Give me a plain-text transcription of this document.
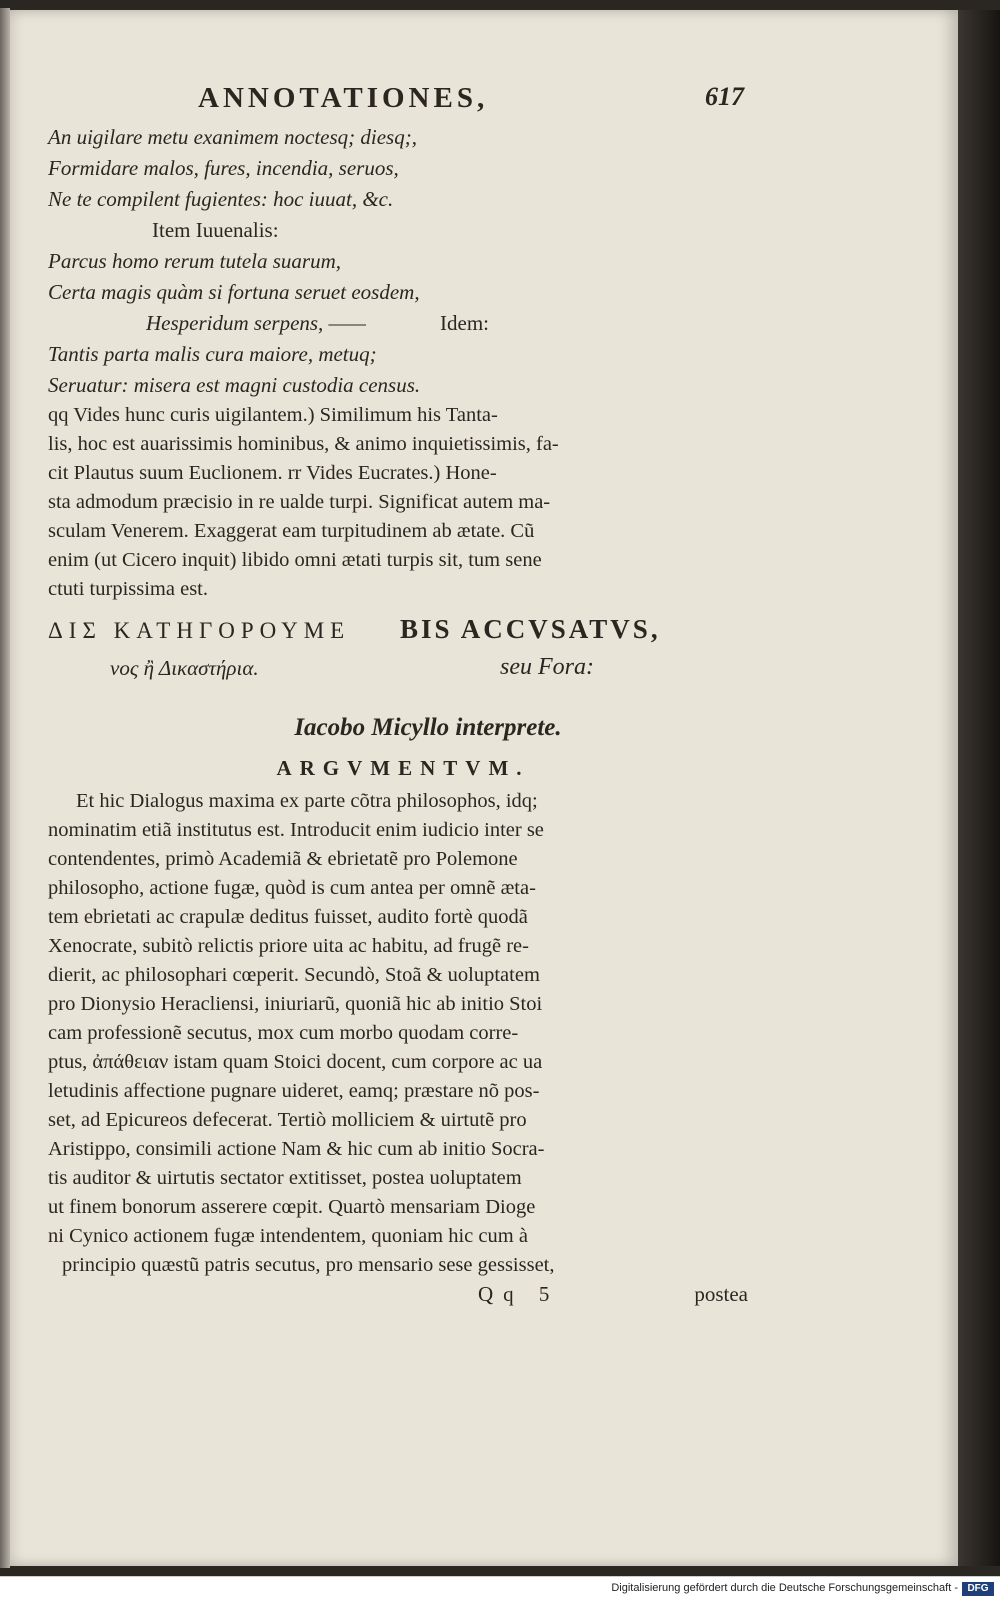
ANNOTATIONES,	617
An uigilare metu exanimem noctesq; diesq;,
Formidare malos, fures, incendia, seruos,
Ne te compilent fugientes: hoc iuuat, &c.
Item Iuuenalis:
Parcus homo rerum tutela suarum,
Certa magis quàm si fortuna seruet eosdem,
Hesperidum serpens, ——	Idem:
Tantis parta malis cura maiore, metuq;
Seruatur: misera est magni custodia census.
qq Vides hunc curis uigilantem.) Similimum his Tanta-
lis, hoc est auarissimis hominibus, & animo inquietissimis, fa-
cit Plautus suum Euclionem. rr Vides Eucrates.) Hone-
sta admodum præcisio in re ualde turpi. Significat autem ma-
sculam Venerem. Exaggerat eam turpitudinem ab ætate. Cũ
enim (ut Cicero inquit) libido omni ætati turpis sit, tum sene
ctuti turpissima est.
ΔΙΣ ΚΑΤΗΓΟΡΟΥΜΕ BIS ACCVSATVS,
νος ἢ Δικαστήρια.	seu Fora:
Iacobo Micyllo interprete.
ARGVMENTVM.
Et hic Dialogus maxima ex parte cõtra philosophos, idq;
nominatim etiã institutus est. Introducit enim iudicio inter se
contendentes, primò Academiã & ebrietatẽ pro Polemone
philosopho, actione fugæ, quòd is cum antea per omnẽ æta-
tem ebrietati ac crapulæ deditus fuisset, audito fortè quodã
Xenocrate, subitò relictis priore uita ac habitu, ad frugẽ re-
dierit, ac philosophari cœperit. Secundò, Stoã & uoluptatem
pro Dionysio Heracliensi, iniuriarũ, quoniã hic ab initio Stoi
cam professionẽ secutus, mox cum morbo quodam corre-
ptus, ἀπάθειαν istam quam Stoici docent, cum corpore ac ua
letudinis affectione pugnare uideret, eamq; præstare nõ pos-
set, ad Epicureos defecerat. Tertiò molliciem & uirtutẽ pro
Aristippo, consimili actione Nam & hic cum ab initio Socra-
tis auditor & uirtutis sectator extitisset, postea uoluptatem
ut finem bonorum asserere cœpit. Quartò mensariam Dioge
ni Cynico actionem fugæ intendentem, quoniam hic cum à
principio quæstũ patris secutus, pro mensario sese gessisset,
Qq 5	postea
Digitalisierung gefördert durch die Deutsche Forschungsgemeinschaft - DFG
